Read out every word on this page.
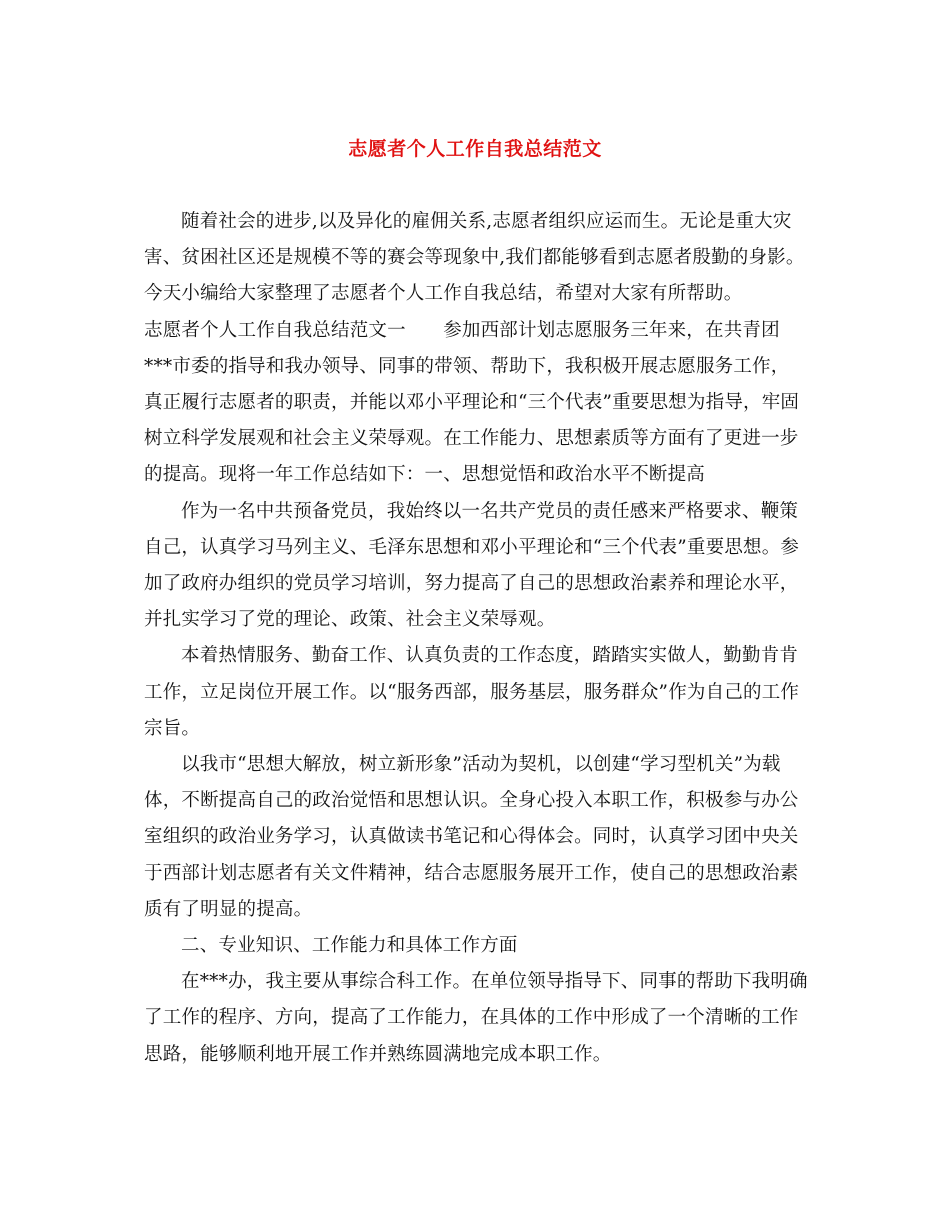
志愿者个人工作自我总结范文

随着社会的进步,以及异化的雇佣关系,志愿者组织应运而生。无论是重大灾害、贫困社区还是规模不等的赛会等现象中,我们都能够看到志愿者殷勤的身影。今天小编给大家整理了志愿者个人工作自我总结，希望对大家有所帮助。

志愿者个人工作自我总结范文一　　参加西部计划志愿服务三年来，在共青团***市委的指导和我办领导、同事的带领、帮助下，我积极开展志愿服务工作，真正履行志愿者的职责，并能以邓小平理论和“三个代表”重要思想为指导，牢固树立科学发展观和社会主义荣辱观。在工作能力、思想素质等方面有了更进一步的提高。现将一年工作总结如下：一、思想觉悟和政治水平不断提高

作为一名中共预备党员，我始终以一名共产党员的责任感来严格要求、鞭策自己，认真学习马列主义、毛泽东思想和邓小平理论和“三个代表”重要思想。参加了政府办组织的党员学习培训，努力提高了自己的思想政治素养和理论水平，并扎实学习了党的理论、政策、社会主义荣辱观。

本着热情服务、勤奋工作、认真负责的工作态度，踏踏实实做人，勤勤肯肯工作，立足岗位开展工作。以“服务西部，服务基层，服务群众”作为自己的工作宗旨。

以我市“思想大解放，树立新形象”活动为契机，以创建“学习型机关”为载体，不断提高自己的政治觉悟和思想认识。全身心投入本职工作，积极参与办公室组织的政治业务学习，认真做读书笔记和心得体会。同时，认真学习团中央关于西部计划志愿者有关文件精神，结合志愿服务展开工作，使自己的思想政治素质有了明显的提高。

二、专业知识、工作能力和具体工作方面

在***办，我主要从事综合科工作。在单位领导指导下、同事的帮助下我明确了工作的程序、方向，提高了工作能力，在具体的工作中形成了一个清晰的工作思路，能够顺利地开展工作并熟练圆满地完成本职工作。
